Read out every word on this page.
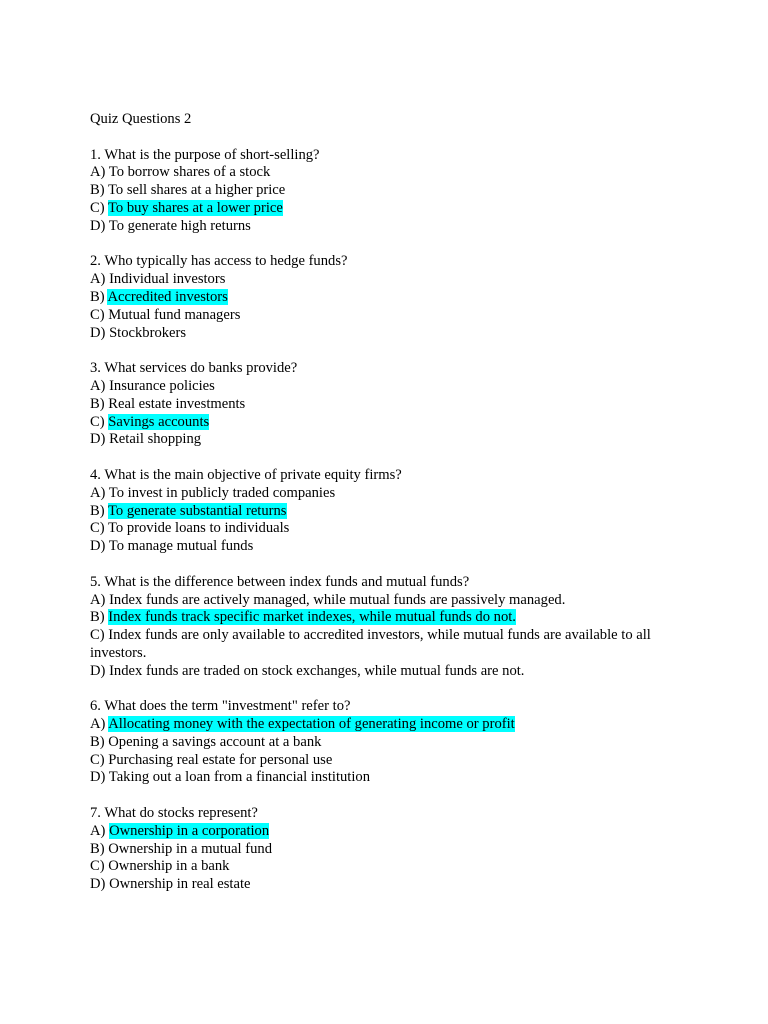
Quiz Questions 2

1. What is the purpose of short-selling?

A) To borrow shares of a stock

B) To sell shares at a higher price

C) To buy shares at a lower price

D) To generate high returns

2. Who typically has access to hedge funds?

A) Individual investors

B) Accredited investors

C) Mutual fund managers

D) Stockbrokers

3. What services do banks provide?

A) Insurance policies

B) Real estate investments

C) Savings accounts

D) Retail shopping

4. What is the main objective of private equity firms?

A) To invest in publicly traded companies

B) To generate substantial returns

C) To provide loans to individuals

D) To manage mutual funds

5. What is the difference between index funds and mutual funds?

A) Index funds are actively managed, while mutual funds are passively managed.

B) Index funds track specific market indexes, while mutual funds do not.

C) Index funds are only available to accredited investors, while mutual funds are available to all investors.

D) Index funds are traded on stock exchanges, while mutual funds are not.

6. What does the term "investment" refer to?

A) Allocating money with the expectation of generating income or profit

B) Opening a savings account at a bank

C) Purchasing real estate for personal use

D) Taking out a loan from a financial institution

7. What do stocks represent?

A) Ownership in a corporation

B) Ownership in a mutual fund

C) Ownership in a bank

D) Ownership in real estate
